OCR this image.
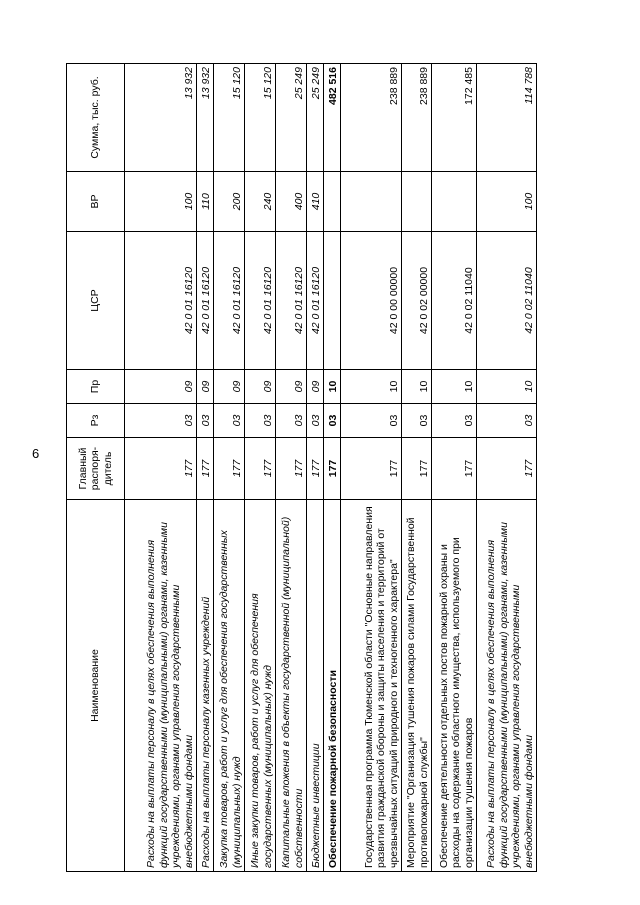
6
Наименование	Главный распоря-дитель	Рз	Пр	ЦСР	ВР	Сумма, тыс. руб.
Расходы на выплаты персоналу в целях обеспечения выполнения функций государственными (муниципальными) органами, казенными учреждениями, органами управления государственными внебюджетными фондами	177	03	09	42 0 01 16120	100	13 932
Расходы на выплаты персоналу казенных учреждений	177	03	09	42 0 01 16120	110	13 932
Закупка товаров, работ и услуг для обеспечения государственных (муниципальных) нужд	177	03	09	42 0 01 16120	200	15 120
Иные закупки товаров, работ и услуг для обеспечения государственных (муниципальных) нужд	177	03	09	42 0 01 16120	240	15 120
Капитальные вложения в объекты государственной (муниципальной) собственности	177	03	09	42 0 01 16120	400	25 249
Бюджетные инвестиции	177	03	09	42 0 01 16120	410	25 249
Обеспечение пожарной безопасности	177	03	10			482 516
Государственная программа Тюменской области "Основные направления развития гражданской обороны и защиты населения и территорий от чрезвычайных ситуаций природного и техногенного характера"	177	03	10	42 0 00 00000		238 889
Мероприятие "Организация тушения пожаров силами Государственной противопожарной службы"	177	03	10	42 0 02 00000		238 889
Обеспечение деятельности отдельных постов пожарной охраны и расходы на содержание областного имущества, используемого при организации тушения пожаров	177	03	10	42 0 02 11040		172 485
Расходы на выплаты персоналу в целях обеспечения выполнения функций государственными (муниципальными) органами, казенными учреждениями, органами управления государственными внебюджетными фондами	177	03	10	42 0 02 11040	100	114 788
